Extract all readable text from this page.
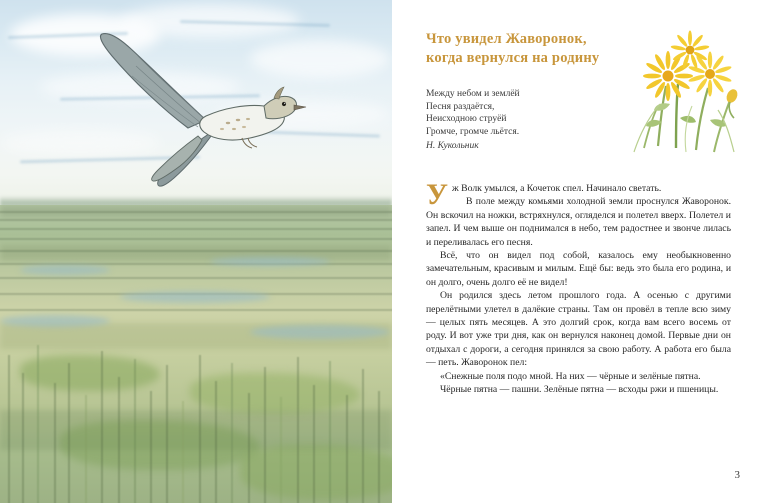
Что увидел Жаворонок,
когда вернулся на родину
Между небом и землёй
Песня раздаётся,
Неисходною струёй
Громче, громче льётся.
Н. Кукольник

Уж Волк умылся, а Кочеток спел. Начинало светать.

В поле между комьями холодной земли проснулся Жаворонок. Он вскочил на ножки, встряхнулся, огляделся и полетел вверх. Полетел и запел. И чем выше он поднимался в небо, тем радостнее и звонче лилась и переливалась его песня.

Всё, что он видел под собой, казалось ему необыкновенно замечательным, красивым и милым. Ещё бы: ведь это была его родина, и он долго, очень долго её не видел!

Он родился здесь летом прошлого года. А осенью с другими перелётными улетел в далёкие страны. Там он провёл в тепле всю зиму — целых пять месяцев. А это долгий срок, когда вам всего восемь от роду. И вот уже три дня, как он вернулся наконец домой. Первые дни он отдыхал с дороги, а сегодня принялся за свою работу. А работа его была — петь. Жаворонок пел:

«Снежные поля подо мной. На них — чёрные и зелёные пятна.

Чёрные пятна — пашни. Зелёные пятна — всходы ржи и пшеницы.

3
